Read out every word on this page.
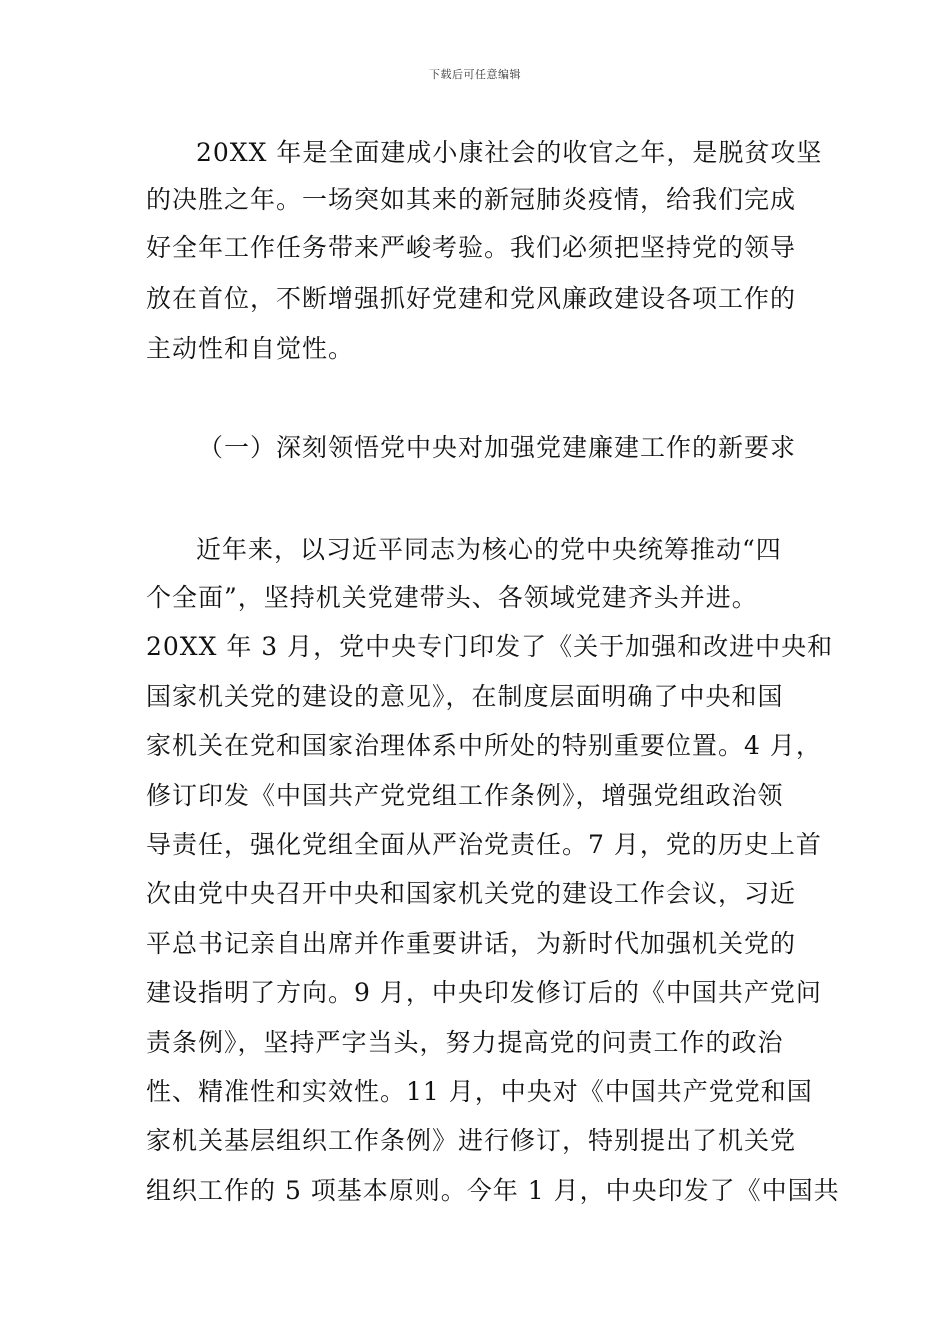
下载后可任意编辑
20XX 年是全面建成小康社会的收官之年，是脱贫攻坚
的决胜之年。一场突如其来的新冠肺炎疫情，给我们完成
好全年工作任务带来严峻考验。我们必须把坚持党的领导
放在首位，不断增强抓好党建和党风廉政建设各项工作的
主动性和自觉性。
（一）深刻领悟党中央对加强党建廉建工作的新要求
近年来，以习近平同志为核心的党中央统筹推动“四
个全面”，坚持机关党建带头、各领域党建齐头并进。
20XX 年 3 月，党中央专门印发了《关于加强和改进中央和
国家机关党的建设的意见》，在制度层面明确了中央和国
家机关在党和国家治理体系中所处的特别重要位置。4 月，
修订印发《中国共产党党组工作条例》，增强党组政治领
导责任，强化党组全面从严治党责任。7 月，党的历史上首
次由党中央召开中央和国家机关党的建设工作会议，习近
平总书记亲自出席并作重要讲话，为新时代加强机关党的
建设指明了方向。9 月，中央印发修订后的《中国共产党问
责条例》，坚持严字当头，努力提高党的问责工作的政治
性、精准性和实效性。11 月，中央对《中国共产党党和国
家机关基层组织工作条例》进行修订，特别提出了机关党
组织工作的 5 项基本原则。今年 1 月，中央印发了《中国共
